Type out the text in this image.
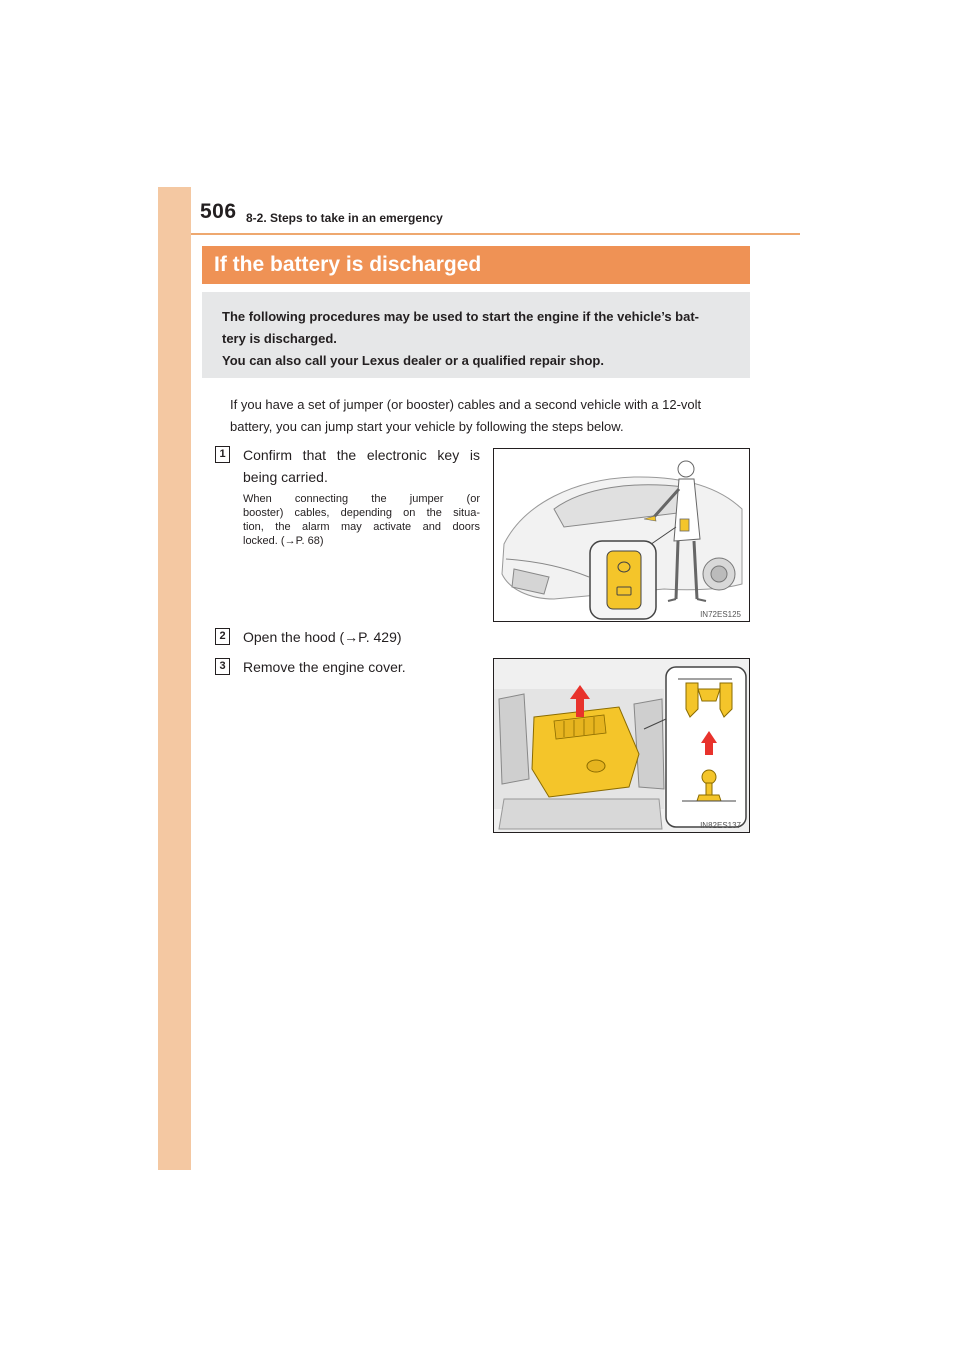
506 8-2. Steps to take in an emergency
If the battery is discharged

The following procedures may be used to start the engine if the vehicle’s bat-

tery is discharged.

You can also call your Lexus dealer or a qualified repair shop.

If you have a set of jumper (or booster) cables and a second vehicle with a 12-volt
battery, you can jump start your vehicle by following the steps below.
1	Confirm that the electronic key is
being carried.
When connecting the jumper (or
booster) cables, depending on the situa-
tion, the alarm may activate and doors
locked. (→P. 68)
IN72ES125
2	Open the hood (→P. 429)
3	Remove the engine cover.
IN82ES137
